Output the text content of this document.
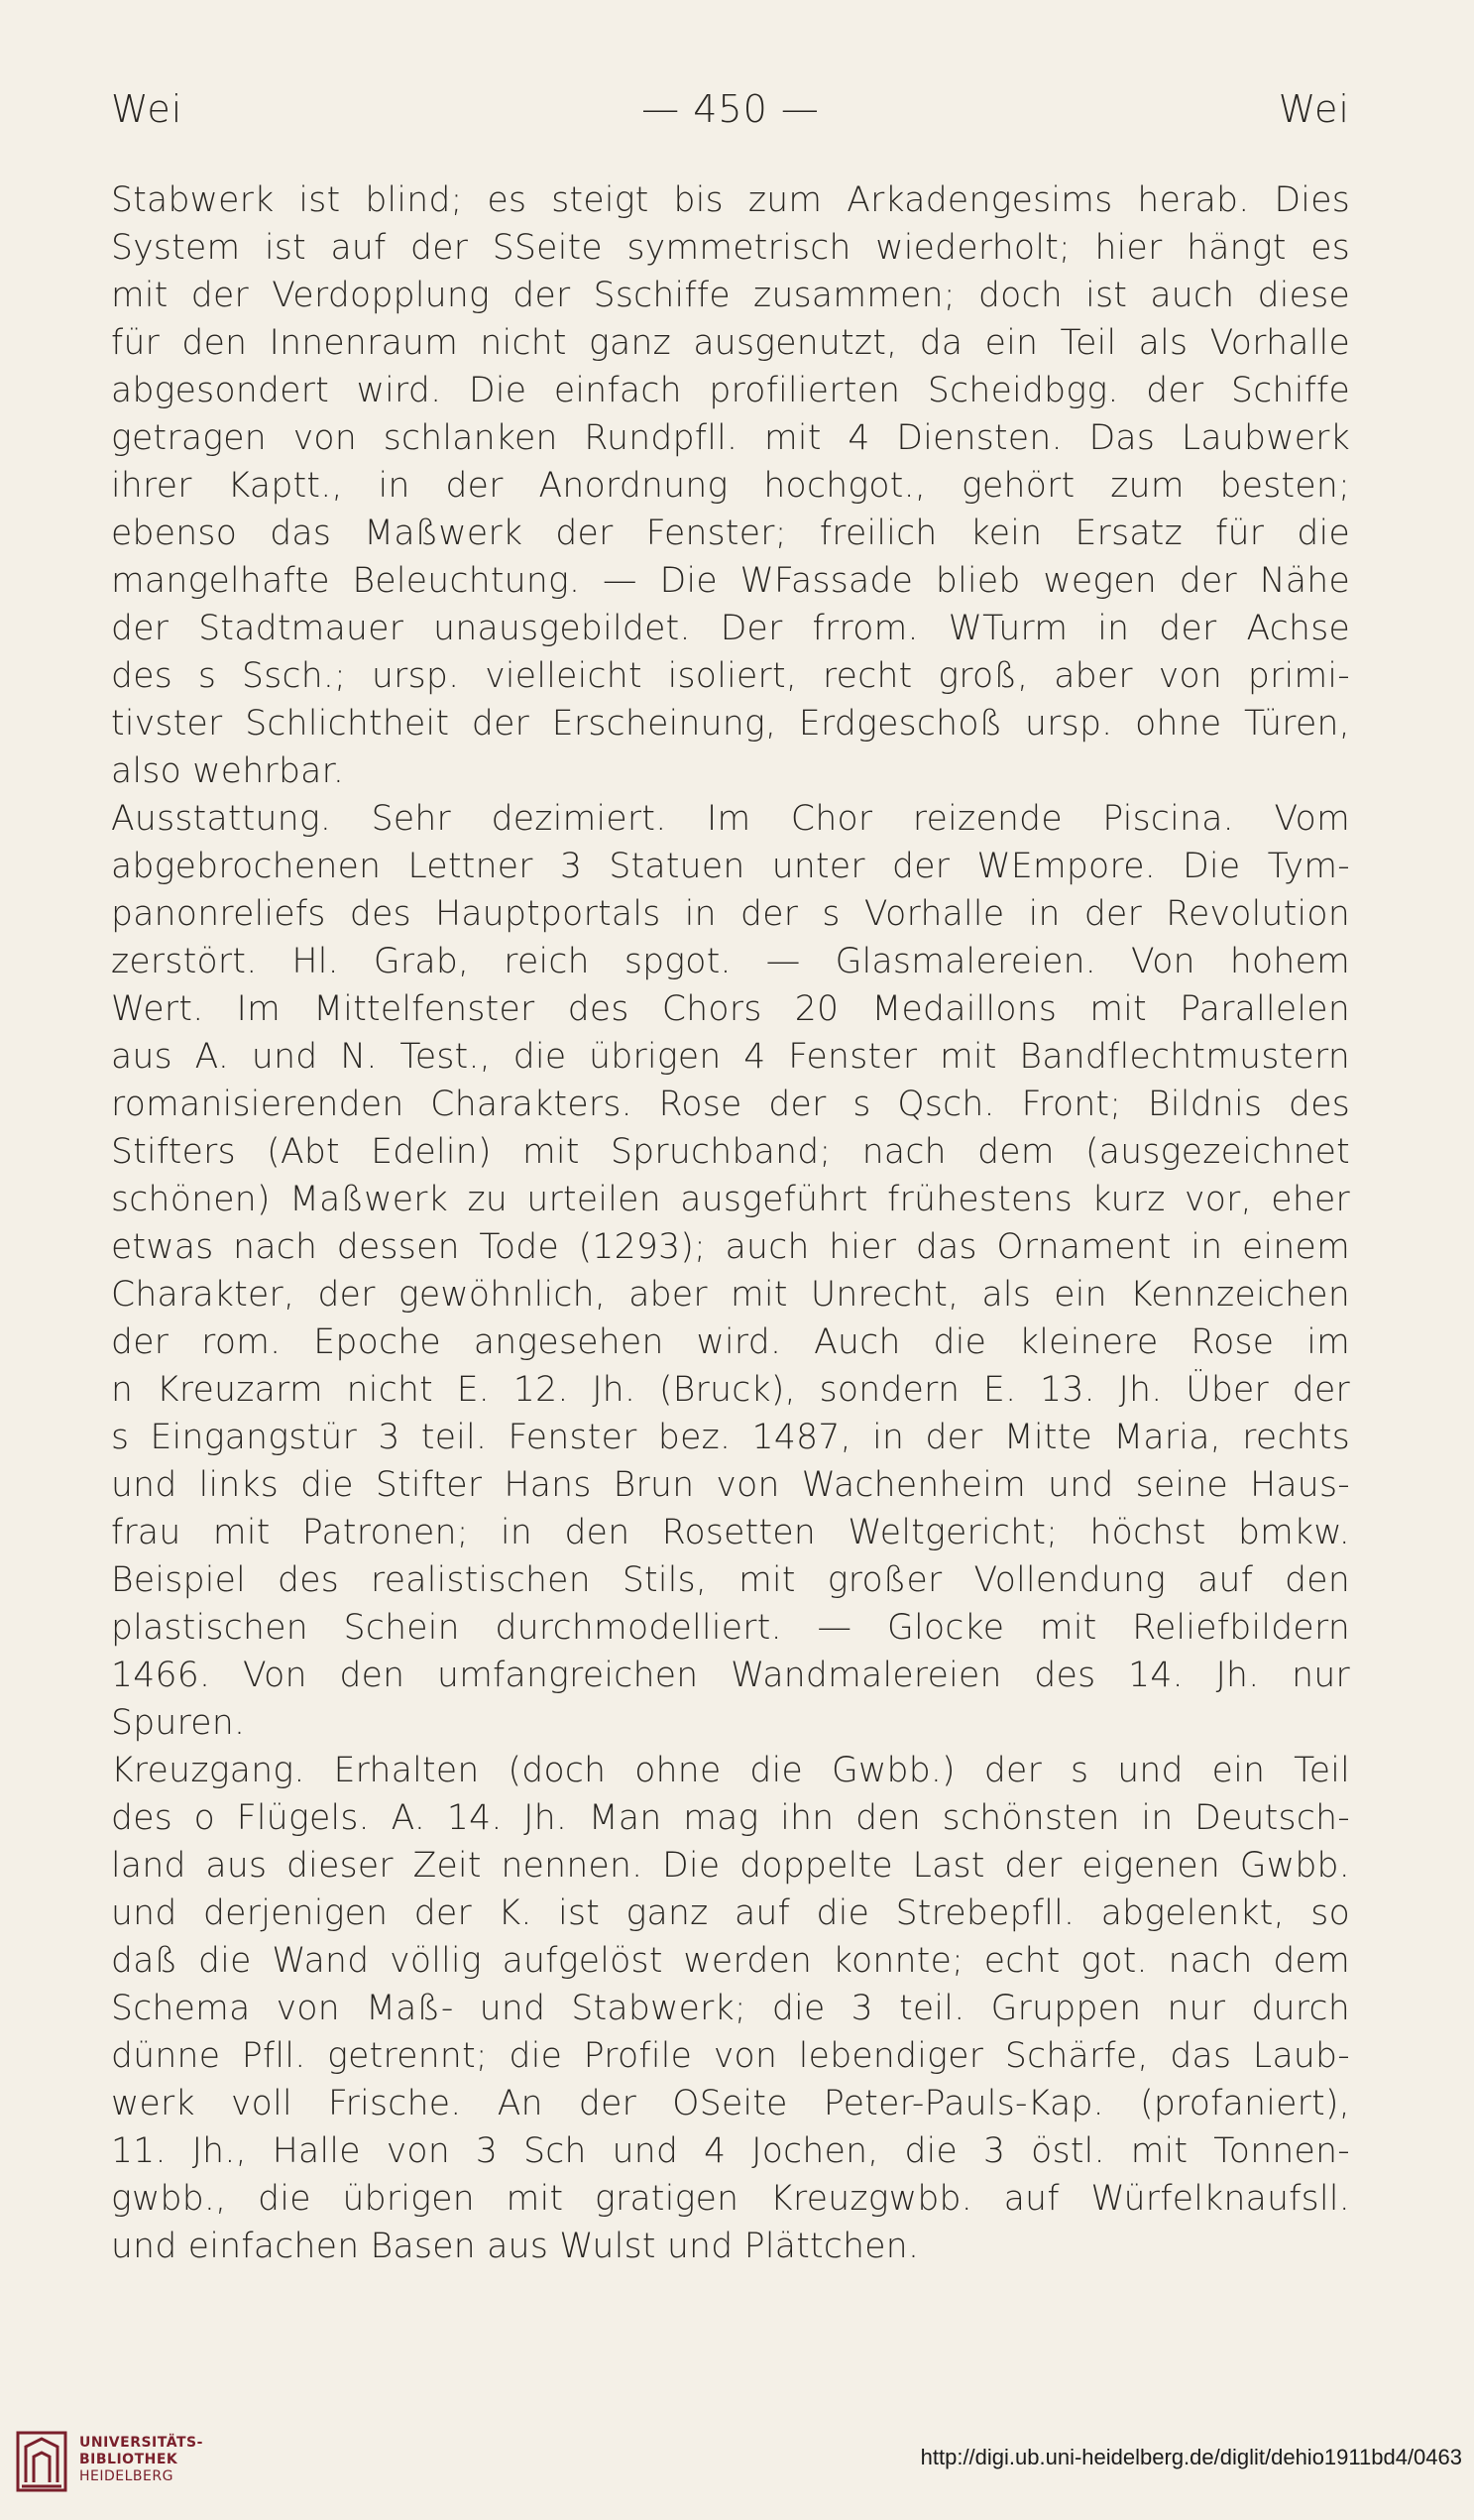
Wei	— 450 —	Wei
Stabwerk ist blind; es steigt bis zum Arkadengesims herab. Dies
System ist auf der SSeite symmetrisch wiederholt; hier hängt es
mit der Verdopplung der Sschiffe zusammen; doch ist auch diese
für den Innenraum nicht ganz ausgenutzt, da ein Teil als Vorhalle
abgesondert wird. Die einfach profilierten Scheidbgg. der Schiffe
getragen von schlanken Rundpfll. mit 4 Diensten. Das Laubwerk
ihrer Kaptt., in der Anordnung hochgot., gehört zum besten;
ebenso das Maßwerk der Fenster; freilich kein Ersatz für die
mangelhafte Beleuchtung. — Die WFassade blieb wegen der Nähe
der Stadtmauer unausgebildet. Der frrom. WTurm in der Achse
des s Ssch.; ursp. vielleicht isoliert, recht groß, aber von primi-
tivster Schlichtheit der Erscheinung, Erdgeschoß ursp. ohne Türen,
also wehrbar.
Ausstattung. Sehr dezimiert. Im Chor reizende Piscina. Vom
abgebrochenen Lettner 3 Statuen unter der WEmpore. Die Tym-
panonreliefs des Hauptportals in der s Vorhalle in der Revolution
zerstört. Hl. Grab, reich spgot. — Glasmalereien. Von hohem
Wert. Im Mittelfenster des Chors 20 Medaillons mit Parallelen
aus A. und N. Test., die übrigen 4 Fenster mit Bandflechtmustern
romanisierenden Charakters. Rose der s Qsch. Front; Bildnis des
Stifters (Abt Edelin) mit Spruchband; nach dem (ausgezeichnet
schönen) Maßwerk zu urteilen ausgeführt frühestens kurz vor, eher
etwas nach dessen Tode (1293); auch hier das Ornament in einem
Charakter, der gewöhnlich, aber mit Unrecht, als ein Kennzeichen
der rom. Epoche angesehen wird. Auch die kleinere Rose im
n Kreuzarm nicht E. 12. Jh. (Bruck), sondern E. 13. Jh. Über der
s Eingangstür 3 teil. Fenster bez. 1487, in der Mitte Maria, rechts
und links die Stifter Hans Brun von Wachenheim und seine Haus-
frau mit Patronen; in den Rosetten Weltgericht; höchst bmkw.
Beispiel des realistischen Stils, mit großer Vollendung auf den
plastischen Schein durchmodelliert. — Glocke mit Reliefbildern
1466. Von den umfangreichen Wandmalereien des 14. Jh. nur
Spuren.
Kreuzgang. Erhalten (doch ohne die Gwbb.) der s und ein Teil
des o Flügels. A. 14. Jh. Man mag ihn den schönsten in Deutsch-
land aus dieser Zeit nennen. Die doppelte Last der eigenen Gwbb.
und derjenigen der K. ist ganz auf die Strebepfll. abgelenkt, so
daß die Wand völlig aufgelöst werden konnte; echt got. nach dem
Schema von Maß- und Stabwerk; die 3 teil. Gruppen nur durch
dünne Pfll. getrennt; die Profile von lebendiger Schärfe, das Laub-
werk voll Frische. An der OSeite Peter-Pauls-Kap. (profaniert),
11. Jh., Halle von 3 Sch und 4 Jochen, die 3 östl. mit Tonnen-
gwbb., die übrigen mit gratigen Kreuzgwbb. auf Würfelknaufsll.
und einfachen Basen aus Wulst und Plättchen.
UNIVERSITÄTS-
BIBLIOTHEK
HEIDELBERG
http://digi.ub.uni-heidelberg.de/diglit/dehio1911bd4/0463
